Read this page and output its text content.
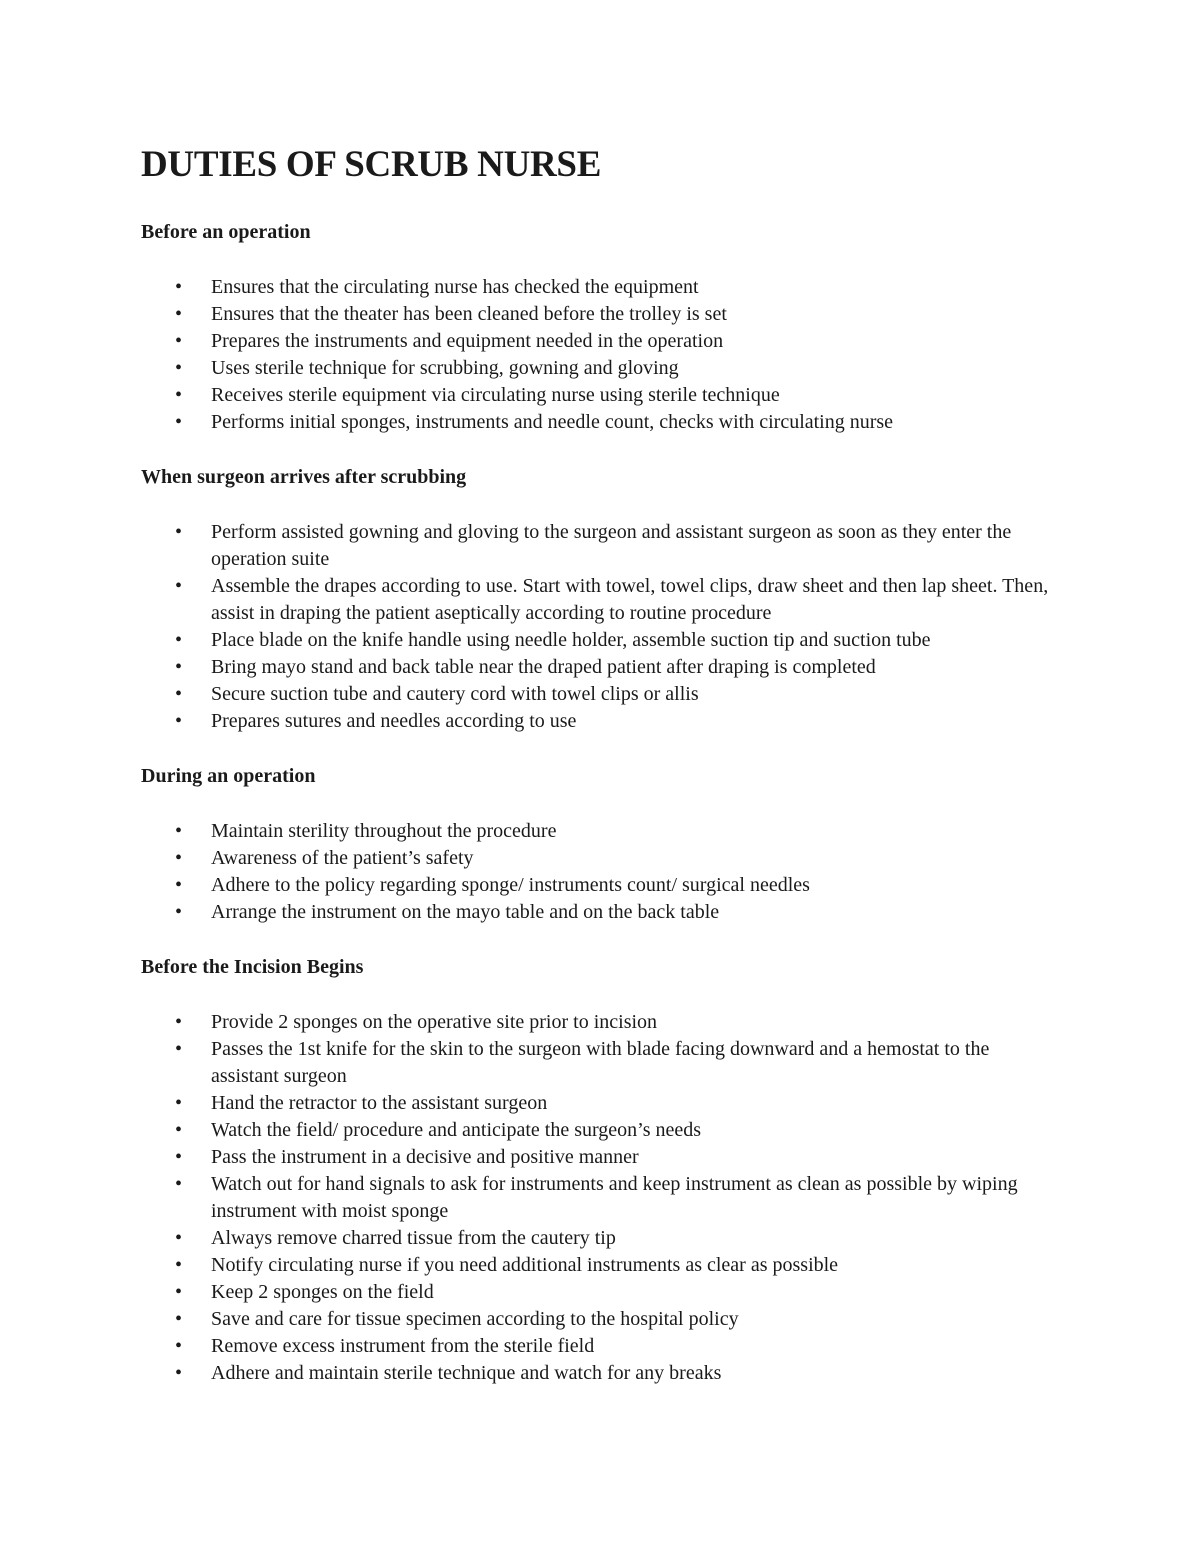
DUTIES OF SCRUB NURSE
Before an operation
• Ensures that the circulating nurse has checked the equipment
• Ensures that the theater has been cleaned before the trolley is set
• Prepares the instruments and equipment needed in the operation
• Uses sterile technique for scrubbing, gowning and gloving
• Receives sterile equipment via circulating nurse using sterile technique
• Performs initial sponges, instruments and needle count, checks with circulating nurse
When surgeon arrives after scrubbing
• Perform assisted gowning and gloving to the surgeon and assistant surgeon as soon as they enter the operation suite
• Assemble the drapes according to use. Start with towel, towel clips, draw sheet and then lap sheet. Then, assist in draping the patient aseptically according to routine procedure
• Place blade on the knife handle using needle holder, assemble suction tip and suction tube
• Bring mayo stand and back table near the draped patient after draping is completed
• Secure suction tube and cautery cord with towel clips or allis
• Prepares sutures and needles according to use
During an operation
• Maintain sterility throughout the procedure
• Awareness of the patient’s safety
• Adhere to the policy regarding sponge/ instruments count/ surgical needles
• Arrange the instrument on the mayo table and on the back table
Before the Incision Begins
• Provide 2 sponges on the operative site prior to incision
• Passes the 1st knife for the skin to the surgeon with blade facing downward and a hemostat to the assistant surgeon
• Hand the retractor to the assistant surgeon
• Watch the field/ procedure and anticipate the surgeon’s needs
• Pass the instrument in a decisive and positive manner
• Watch out for hand signals to ask for instruments and keep instrument as clean as possible by wiping instrument with moist sponge
• Always remove charred tissue from the cautery tip
• Notify circulating nurse if you need additional instruments as clear as possible
• Keep 2 sponges on the field
• Save and care for tissue specimen according to the hospital policy
• Remove excess instrument from the sterile field
• Adhere and maintain sterile technique and watch for any breaks
